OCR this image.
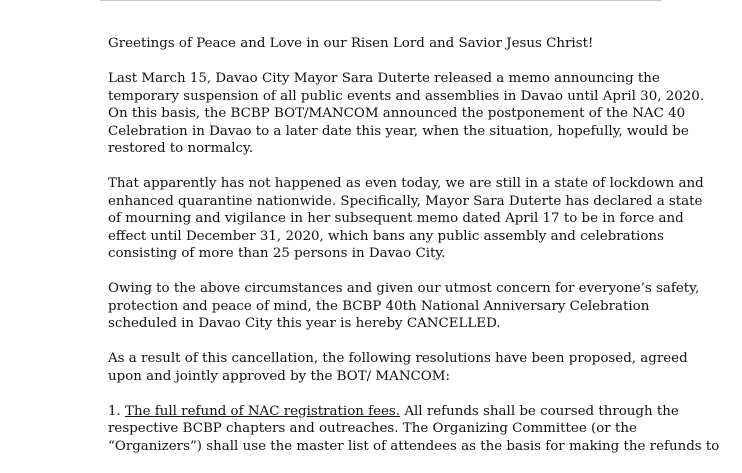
Greetings of Peace and Love in our Risen Lord and Savior Jesus Christ!

Last March 15, Davao City Mayor Sara Duterte released a memo announcing the
temporary suspension of all public events and assemblies in Davao until April 30, 2020.
On this basis, the BCBP BOT/MANCOM announced the postponement of the NAC 40
Celebration in Davao to a later date this year, when the situation, hopefully, would be
restored to normalcy.

That apparently has not happened as even today, we are still in a state of lockdown and
enhanced quarantine nationwide. Specifically, Mayor Sara Duterte has declared a state
of mourning and vigilance in her subsequent memo dated April 17 to be in force and
effect until December 31, 2020, which bans any public assembly and celebrations
consisting of more than 25 persons in Davao City.

Owing to the above circumstances and given our utmost concern for everyone’s safety,
protection and peace of mind, the BCBP 40th National Anniversary Celebration
scheduled in Davao City this year is hereby CANCELLED.

As a result of this cancellation, the following resolutions have been proposed, agreed
upon and jointly approved by the BOT/ MANCOM:

1. The full refund of NAC registration fees. All refunds shall be coursed through the
respective BCBP chapters and outreaches. The Organizing Committee (or the
“Organizers”) shall use the master list of attendees as the basis for making the refunds to
